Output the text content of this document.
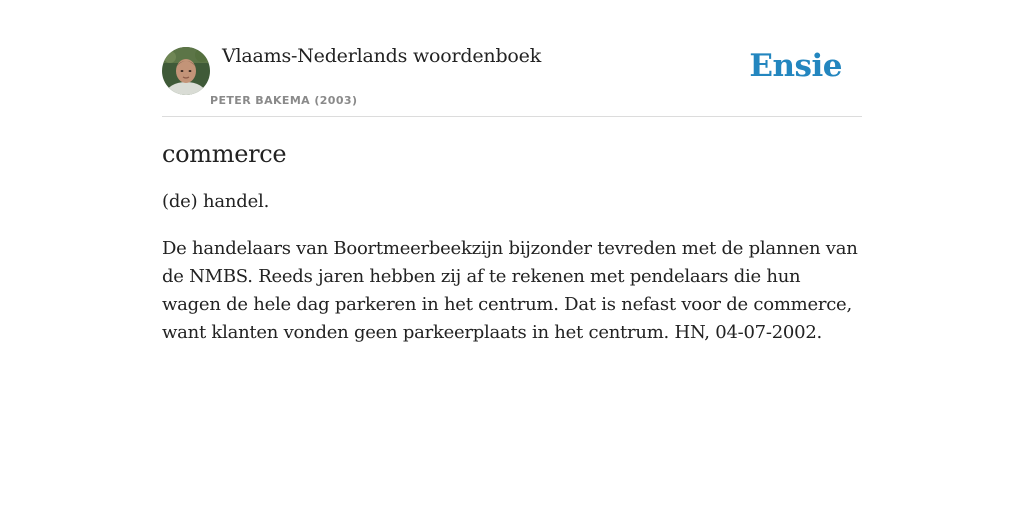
Vlaams-Nederlands woordenboek
PETER BAKEMA (2003)
Ensie
commerce

(de) handel.

De handelaars van Boortmeerbeekzijn bijzonder tevreden met de plannen van de NMBS. Reeds jaren hebben zij af te rekenen met pendelaars die hun wagen de hele dag parkeren in het centrum. Dat is nefast voor de commerce, want klanten vonden geen parkeerplaats in het centrum. HN, 04-07-2002.
